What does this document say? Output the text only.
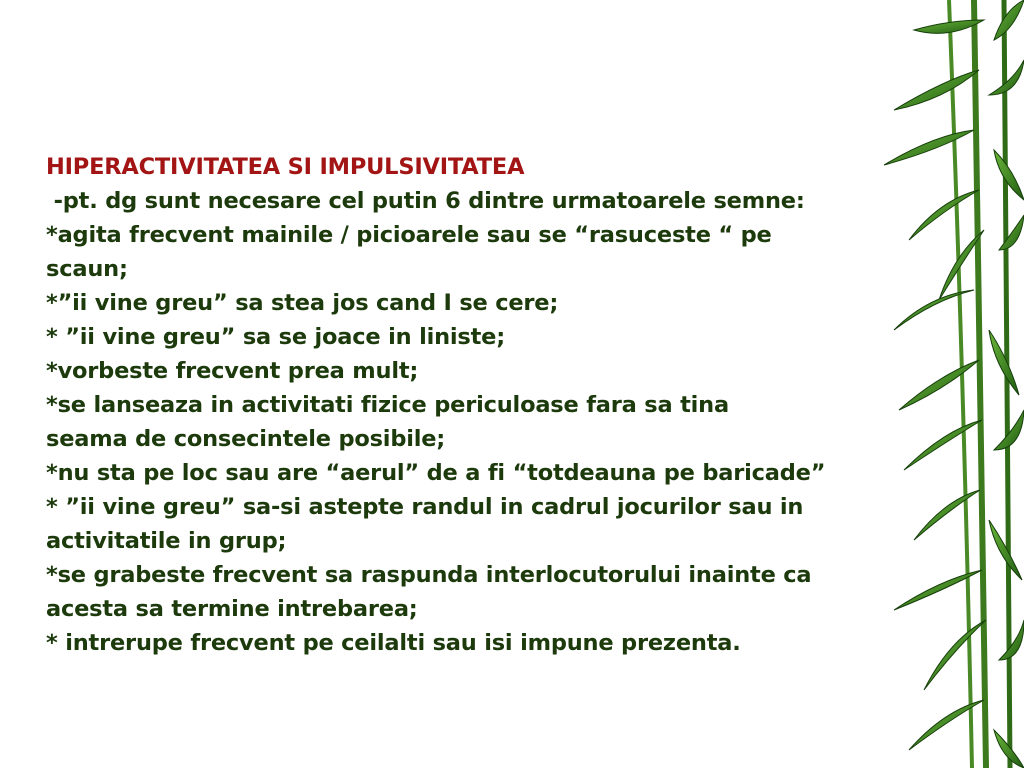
HIPERACTIVITATEA SI IMPULSIVITATEA
-pt. dg sunt necesare cel putin 6 dintre urmatoarele semne:
*agita frecvent mainile / picioarele sau se “rasuceste “ pe
scaun;
*”ii vine greu” sa stea jos cand I se cere;
* ”ii vine greu” sa se joace in liniste;
*vorbeste frecvent prea mult;
*se lanseaza in activitati fizice periculoase fara sa tina
seama de consecintele posibile;
*nu sta pe loc sau are “aerul” de a fi “totdeauna pe baricade”
* ”ii vine greu” sa-si astepte randul in cadrul jocurilor sau in
activitatile in grup;
*se grabeste frecvent sa raspunda interlocutorului inainte ca
acesta sa termine intrebarea;
* intrerupe frecvent pe ceilalti sau isi impune prezenta.
